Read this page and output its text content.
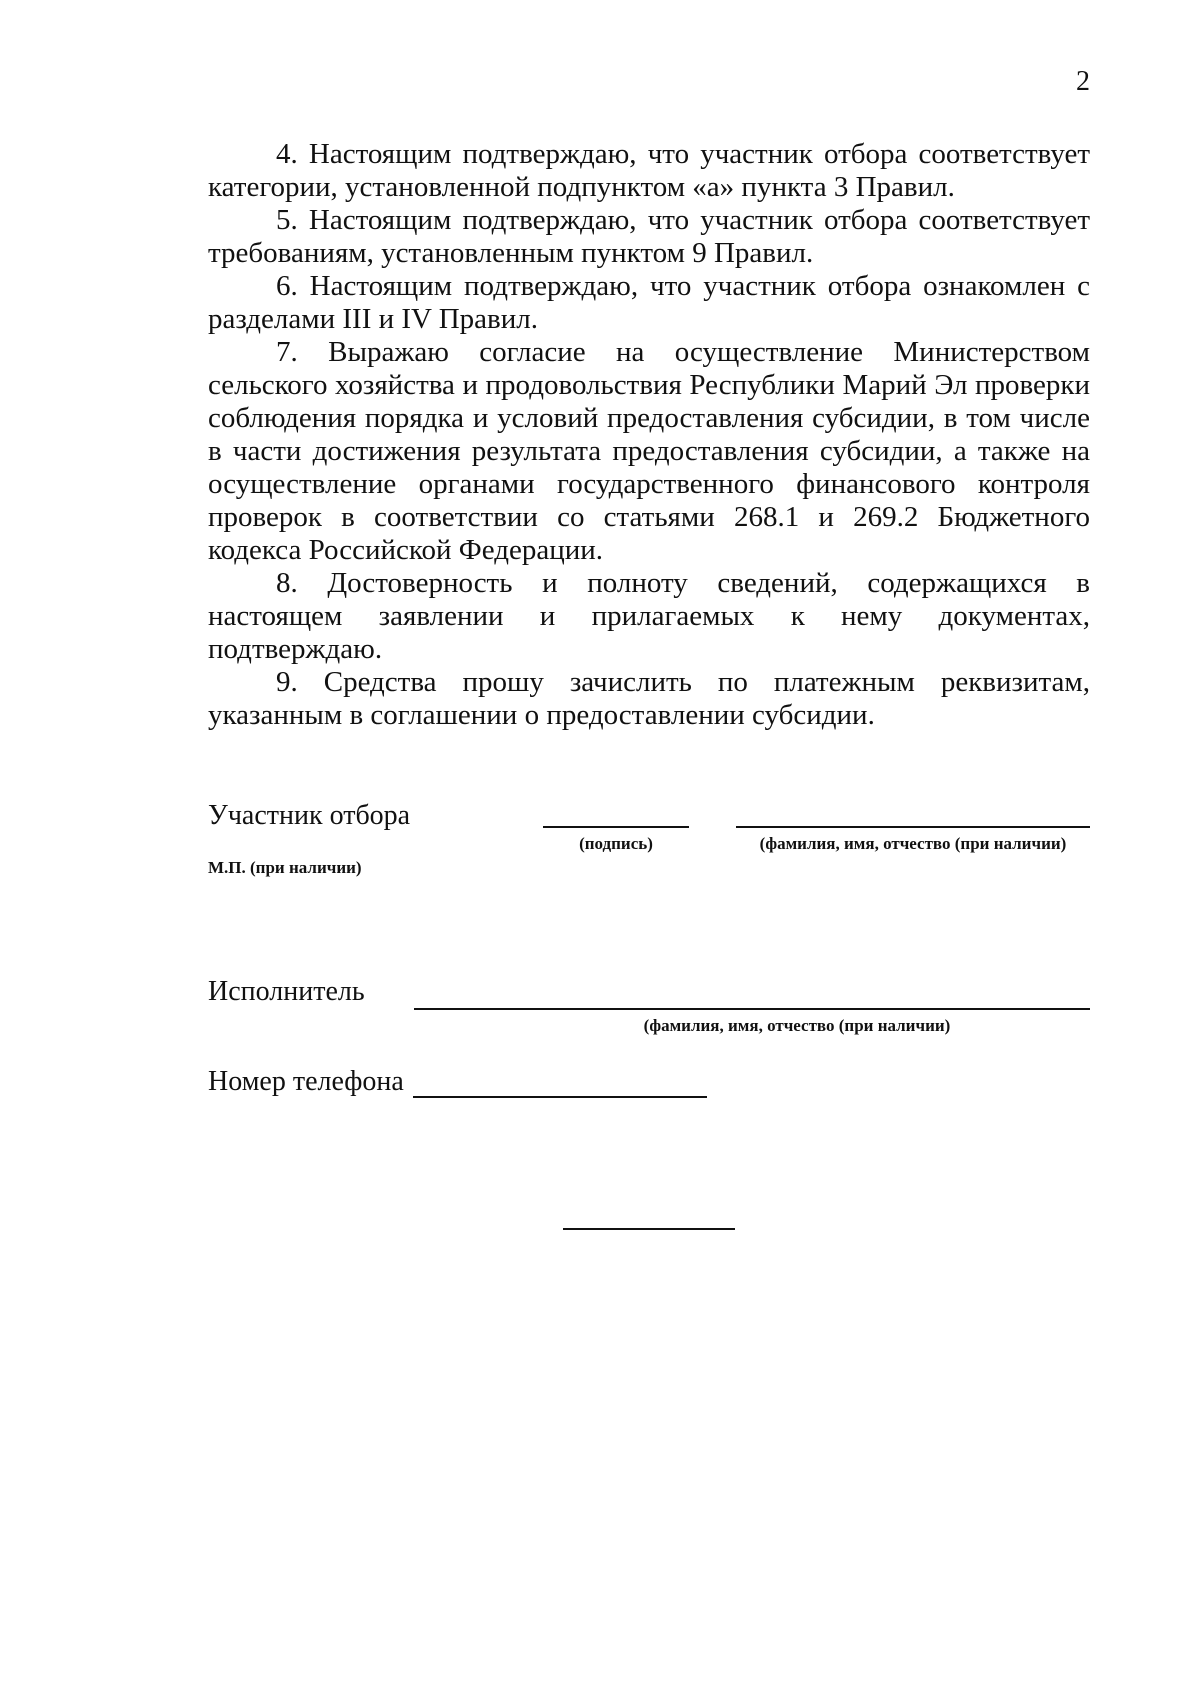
2

4. Настоящим подтверждаю, что участник отбора соответствует категории, установленной подпунктом «а» пункта 3 Правил.

5. Настоящим подтверждаю, что участник отбора соответствует требованиям, установленным пунктом 9 Правил.

6. Настоящим подтверждаю, что участник отбора ознакомлен с разделами III и IV Правил.

7. Выражаю согласие на осуществление Министерством сельского хозяйства и продовольствия Республики Марий Эл проверки соблюдения порядка и условий предоставления субсидии, в том числе в части достижения результата предоставления субсидии, а также на осуществление органами государственного финансового контроля проверок в соответствии со статьями 268.1 и 269.2 Бюджетного кодекса Российской Федерации.

8. Достоверность и полноту сведений, содержащихся в настоящем заявлении и прилагаемых к нему документах, подтверждаю.

9. Средства прошу зачислить по платежным реквизитам, указанным в соглашении о предоставлении субсидии.

Участник отбора
(подпись)	(фамилия, имя, отчество (при наличии)
М.П. (при наличии)
Исполнитель
(фамилия, имя, отчество (при наличии)
Номер телефона
